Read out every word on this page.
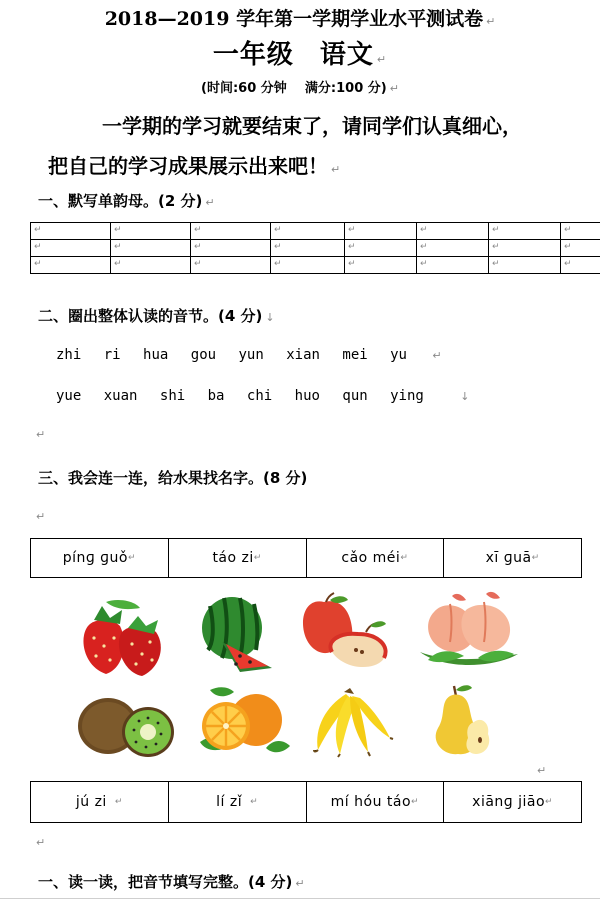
2018—2019 学年第一学期学业水平测试卷 ↵
一年级 语文 ↵
(时间:60 分钟 满分:100 分) ↵
一学期的学习就要结束了，请同学们认真细心，
把自己的学习成果展示出来吧！ ↵
一、默写单韵母。(2 分) ↵
↵	↵	↵	↵	↵	↵	↵	↵
↵	↵	↵	↵	↵	↵	↵	↵
↵	↵	↵	↵	↵	↵	↵	↵
二、圈出整体认读的音节。(4 分) ↓
zhi ri hua gou yun xian mei yu ↵
yue xuan shi ba chi huo qun ying	↓
↵
三、我会连一连，给水果找名字。(8 分)
↵
pínɡ ɡuǒ ↵	táo zi ↵	cǎo méi ↵	xī ɡuā ↵
↵
jú zi ↵	lí zǐ ↵	mí hóu táo ↵	xiānɡ jiāo ↵
↵
一、读一读，把音节填写完整。(4 分) ↵
